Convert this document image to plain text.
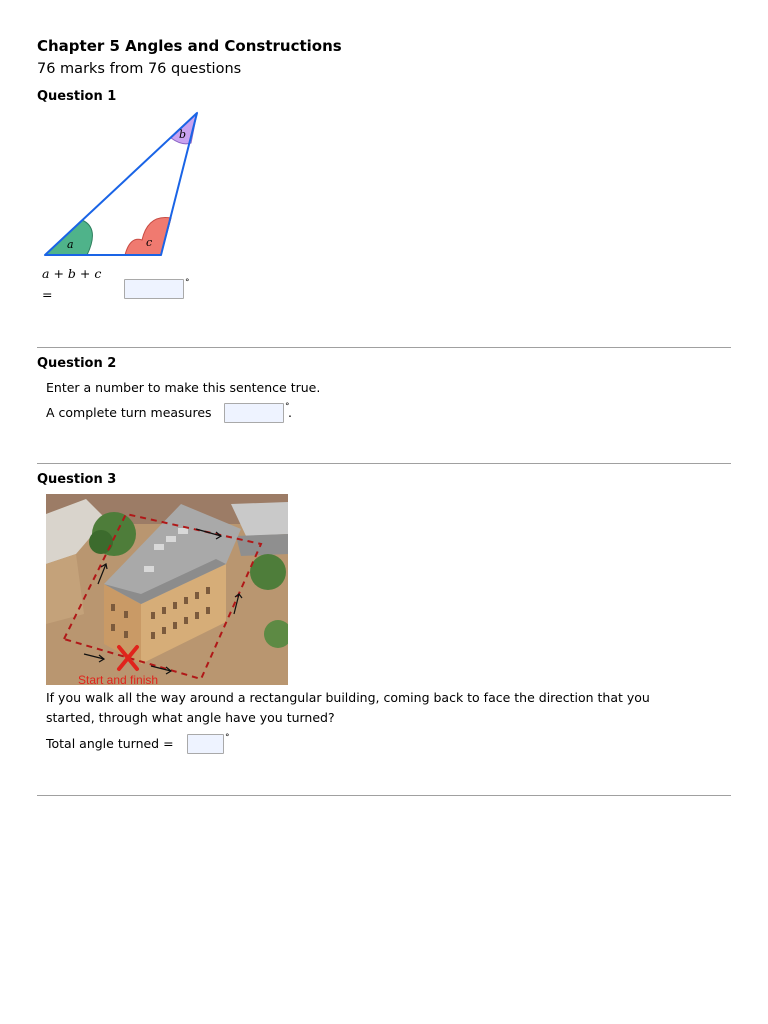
Chapter 5 Angles and Constructions
76 marks from 76 questions
Question 1
a
b
c
a + b + c
=
°
Question 2
Enter a number to make this sentence true.
A complete turn measures	°
.
Question 3
Start and finish
If you walk all the way around a rectangular building, coming back to face the direction that you
started, through what angle have you turned?
Total angle turned =	°
